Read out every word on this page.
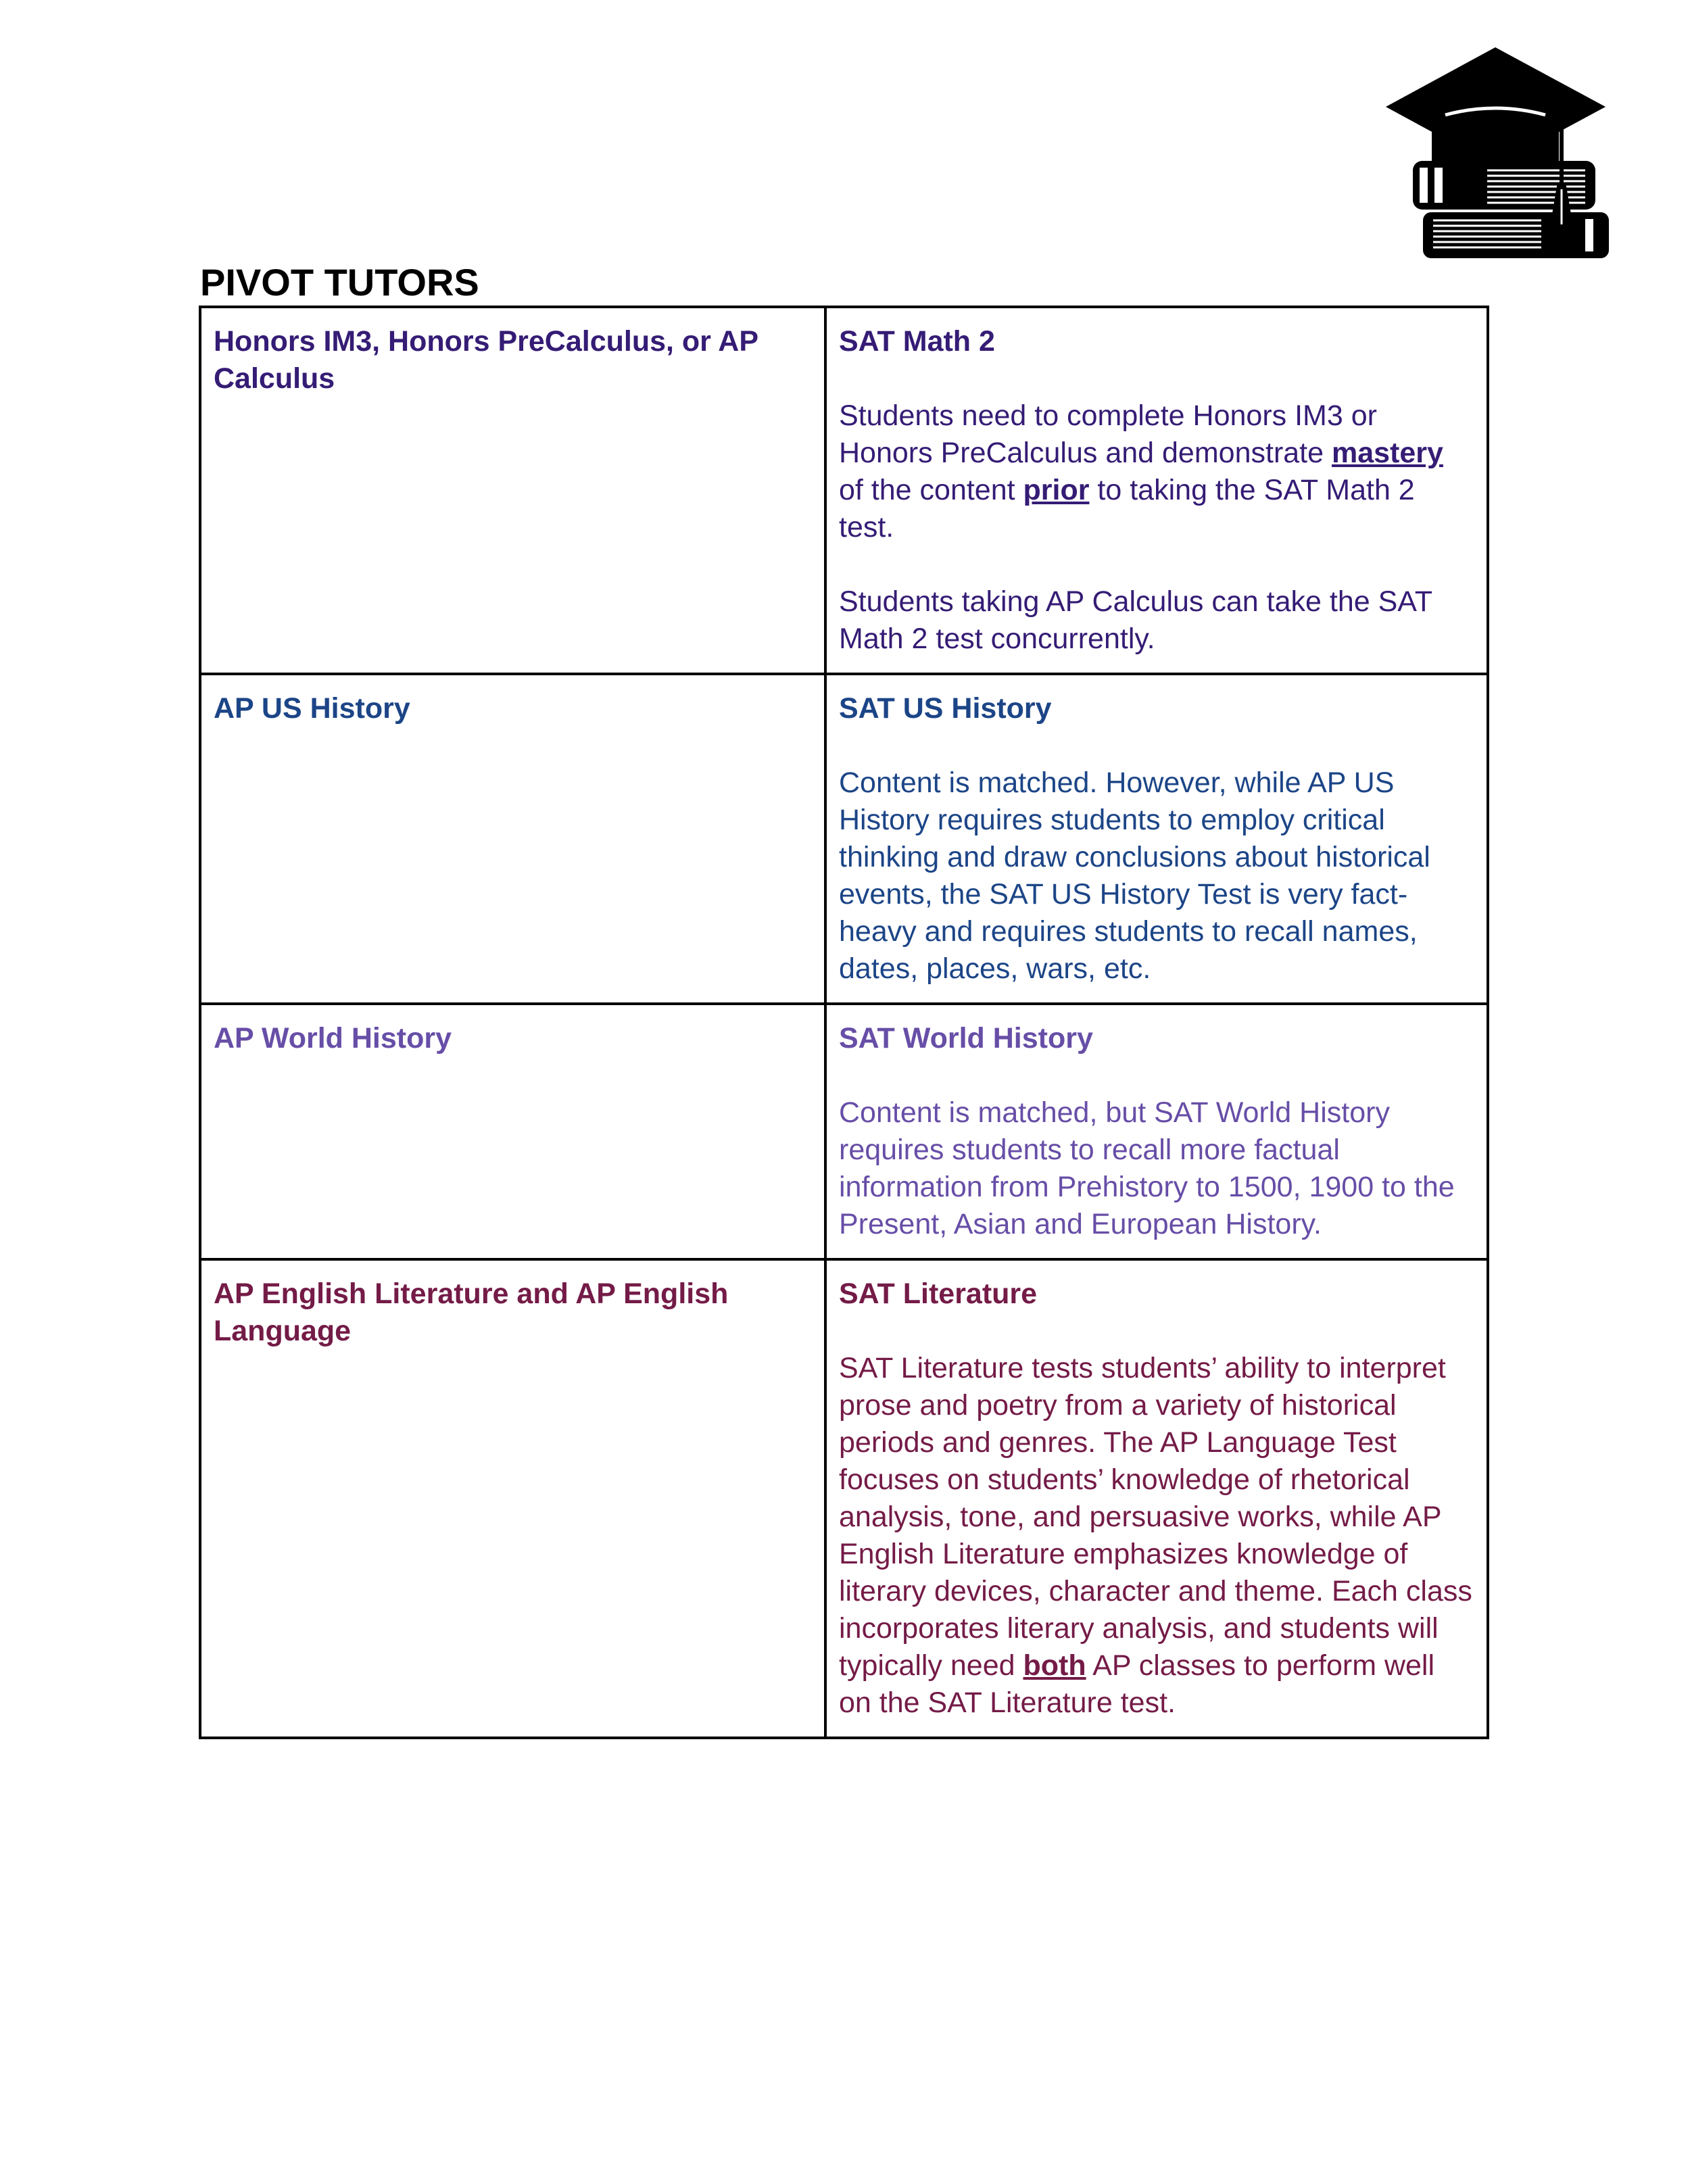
PIVOT TUTORS

Honors IM3, Honors PreCalculus, or AP Calculus	SAT Math 2

Students need to complete Honors IM3 or Honors PreCalculus and demonstrate mastery of the content prior to taking the SAT Math 2 test.

Students taking AP Calculus can take the SAT Math 2 test concurrently.

AP US History	SAT US History

Content is matched. However, while AP US History requires students to employ critical thinking and draw conclusions about historical events, the SAT US History Test is very fact-heavy and requires students to recall names, dates, places, wars, etc.

AP World History	SAT World History

Content is matched, but SAT World History requires students to recall more factual information from Prehistory to 1500, 1900 to the Present, Asian and European History.

AP English Literature and AP English Language	SAT Literature

SAT Literature tests students’ ability to interpret prose and poetry from a variety of historical periods and genres. The AP Language Test focuses on students’ knowledge of rhetorical analysis, tone, and persuasive works, while AP English Literature emphasizes knowledge of literary devices, character and theme. Each class incorporates literary analysis, and students will typically need both AP classes to perform well on the SAT Literature test.
